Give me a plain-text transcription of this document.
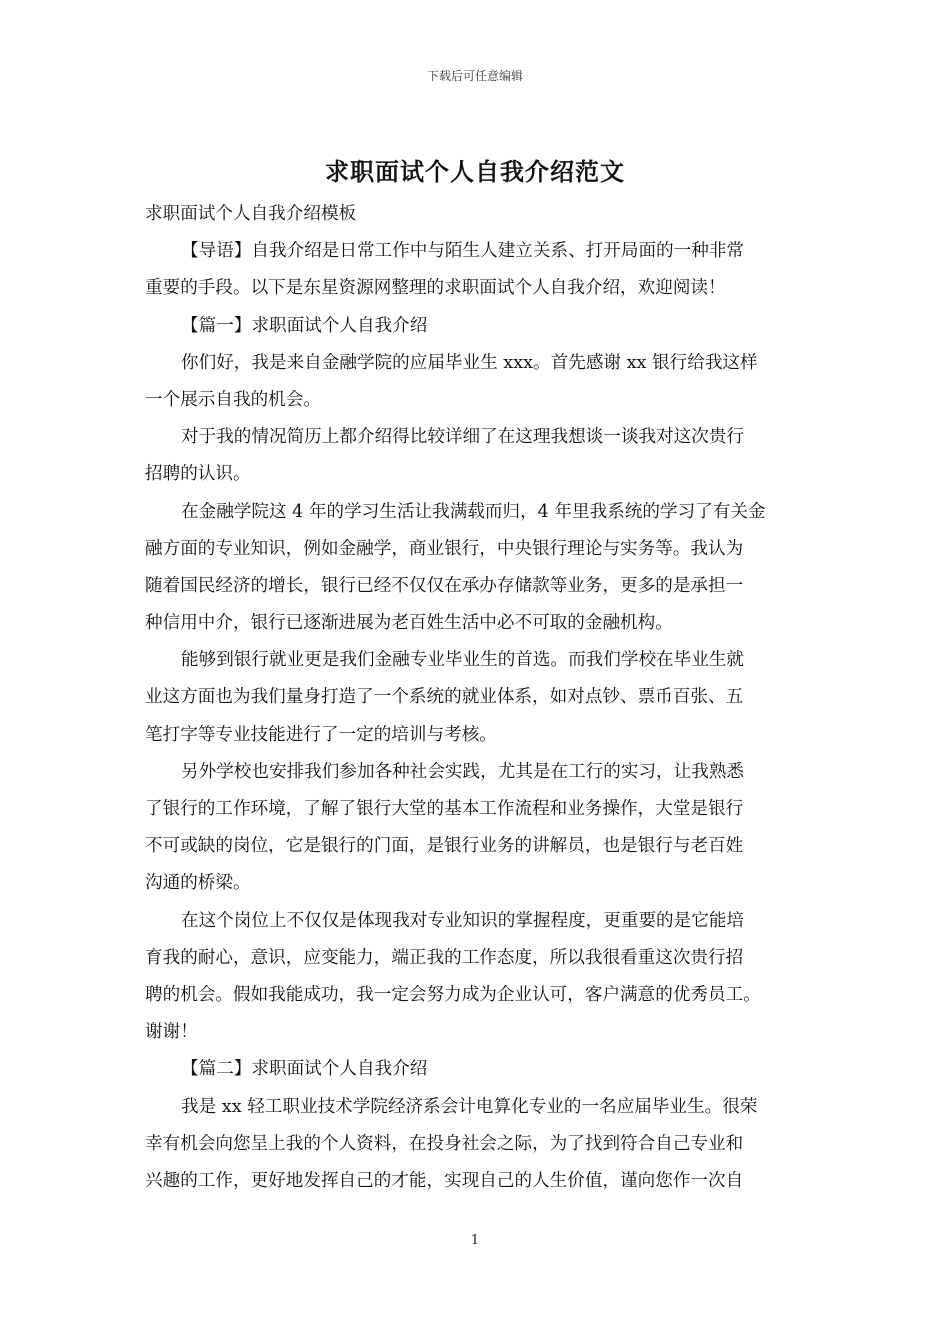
下载后可任意编辑
求职面试个人自我介绍范文
求职面试个人自我介绍模板
【导语】自我介绍是日常工作中与陌生人建立关系、打开局面的一种非常
重要的手段。以下是东星资源网整理的求职面试个人自我介绍，欢迎阅读！
【篇一】求职面试个人自我介绍
你们好，我是来自金融学院的应届毕业生 xxx。首先感谢 xx 银行给我这样
一个展示自我的机会。
对于我的情况简历上都介绍得比较详细了在这理我想谈一谈我对这次贵行
招聘的认识。
在金融学院这 4 年的学习生活让我满载而归，4 年里我系统的学习了有关金
融方面的专业知识，例如金融学，商业银行，中央银行理论与实务等。我认为
随着国民经济的增长，银行已经不仅仅在承办存储款等业务，更多的是承担一
种信用中介，银行已逐渐进展为老百姓生活中必不可取的金融机构。
能够到银行就业更是我们金融专业毕业生的首选。而我们学校在毕业生就
业这方面也为我们量身打造了一个系统的就业体系，如对点钞、票币百张、五
笔打字等专业技能进行了一定的培训与考核。
另外学校也安排我们参加各种社会实践，尤其是在工行的实习，让我熟悉
了银行的工作环境，了解了银行大堂的基本工作流程和业务操作，大堂是银行
不可或缺的岗位，它是银行的门面，是银行业务的讲解员，也是银行与老百姓
沟通的桥梁。
在这个岗位上不仅仅是体现我对专业知识的掌握程度，更重要的是它能培
育我的耐心，意识，应变能力，端正我的工作态度，所以我很看重这次贵行招
聘的机会。假如我能成功，我一定会努力成为企业认可，客户满意的优秀员工。
谢谢！
【篇二】求职面试个人自我介绍
我是 xx 轻工职业技术学院经济系会计电算化专业的一名应届毕业生。很荣
幸有机会向您呈上我的个人资料，在投身社会之际，为了找到符合自己专业和
兴趣的工作，更好地发挥自己的才能，实现自己的人生价值，谨向您作一次自
1
